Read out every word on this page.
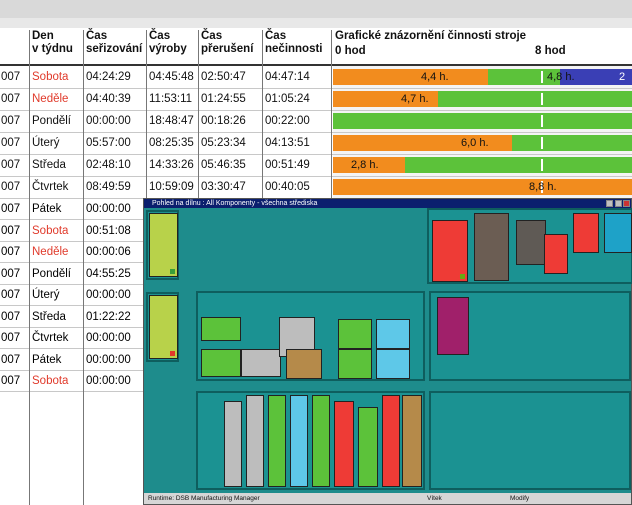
Den
v týdnu
Čas
seřizování
Čas
výroby
Čas
přerušení
Čas
nečinnosti
Grafické znázornění činnosti stroje
0 hod	8 hod
007 Sobota 04:24:29 04:45:48 02:50:47 04:47:14	4,4 h.	4,8 h.	2
007 Neděle 04:40:39 11:53:11 01:24:55 01:05:24	4,7 h.
007 Pondělí 00:00:00 18:48:47 00:18:26 00:22:00
007 Úterý 05:57:00 08:25:35 05:23:34 04:13:51	6,0 h.
007 Středa 02:48:10 14:33:26 05:46:35 00:51:49	2,8 h.
007 Čtvrtek 08:49:59 10:59:09 03:30:47 00:40:05	8,8 h.
007 Pátek 00:00:00
007 Sobota 00:51:08
007 Neděle 00:00:06
007 Pondělí 04:55:25
007 Úterý 00:00:00
007 Středa 01:22:22
007 Čtvrtek 00:00:00
007 Pátek 00:00:00
007 Sobota 00:00:00
Pohled na dílnu : All Komponenty - všechna střediska
Runtime: DSB Manufacturing Manager	Vítek	Modify
